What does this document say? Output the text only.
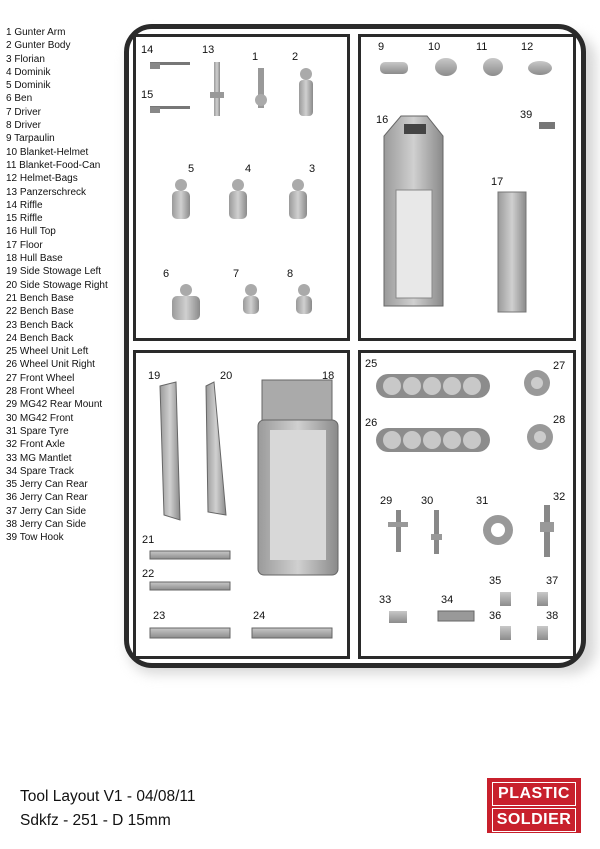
1 Gunter Arm
2 Gunter Body
3 Florian
4 Dominik
5 Dominik
6 Ben
7 Driver
8 Driver
9 Tarpaulin
10 Blanket-Helmet
11 Blanket-Food-Can
12 Helmet-Bags
13 Panzerschreck
14 Riffle
15 Riffle
16 Hull Top
17 Floor
18 Hull Base
19 Side Stowage Left
20 Side Stowage Right
21 Bench Base
22 Bench Base
23 Bench Back
24 Bench Back
25 Wheel Unit Left
26 Wheel Unit Right
27 Front Wheel
28 Front Wheel
29 MG42 Rear Mount
30 MG42 Front
31 Spare Tyre
32 Front Axle
33 MG Mantlet
34 Spare Track
35 Jerry Can Rear
36 Jerry Can Rear
37 Jerry Can Side
38 Jerry Can Side
39 Tow Hook
14	13
1	2
15
5	4	3
6	7	8
9	10	11	12
39
16
17
19	20	18
21
22
23	24
25	27
26	28
29	30	31	32
35	37
33	34
36	38
Tool Layout V1 - 04/08/11
Sdkfz - 251 - D 15mm
PLASTIC
SOLDIER
